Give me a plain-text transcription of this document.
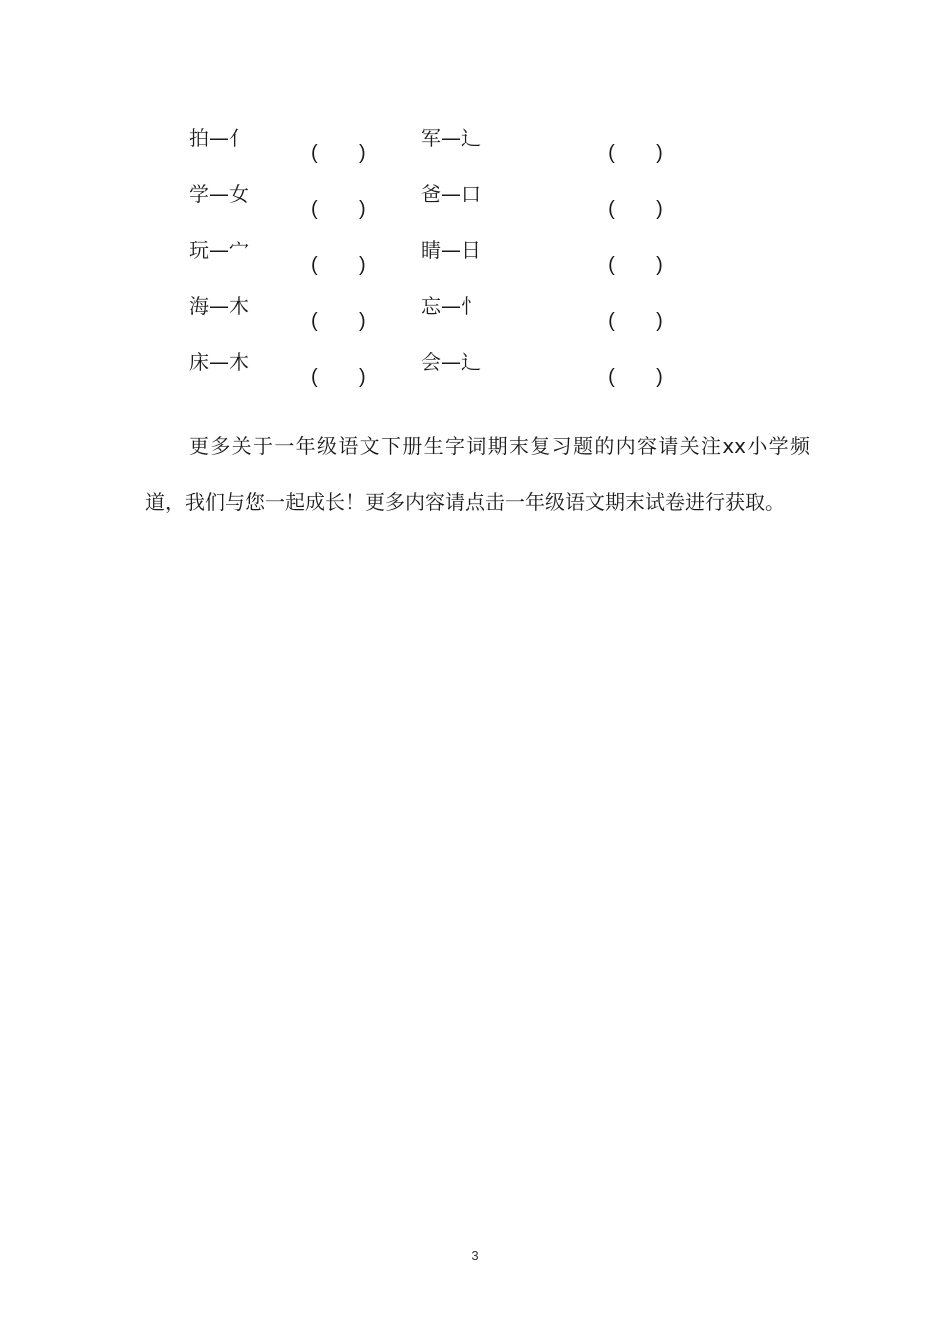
拍—亻
( )

军—辶
( )
学—女
( )

爸—口
( )
玩—宀
( )

睛—日
( )
海—木
( )

忘—忄
( )
床—木
( )

会—辶
( )

更多关于一年级语文下册生字词期末复习题的内容请关注xx小学频道，我们与您一起成长！更多内容请点击一年级语文期末试卷进行获取。

3
